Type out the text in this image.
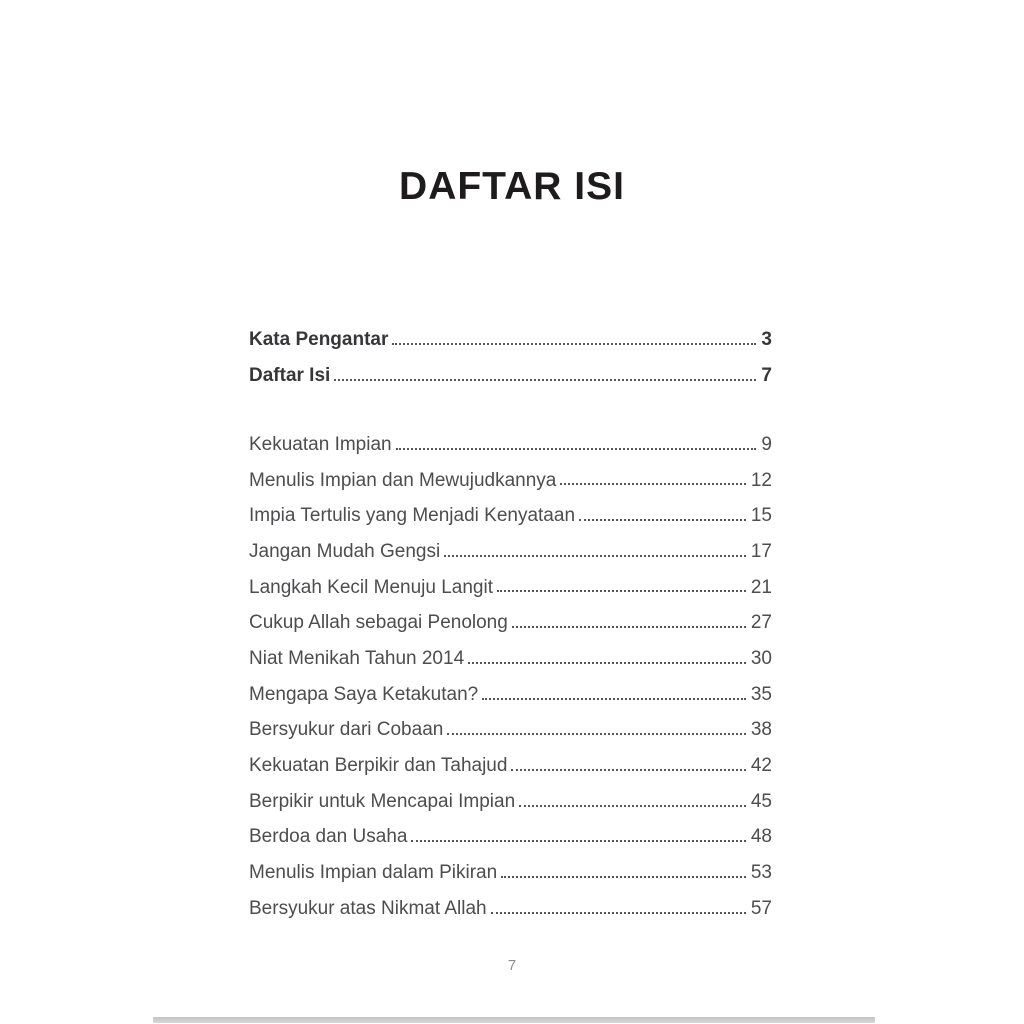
DAFTAR ISI
Kata Pengantar	3
Daftar Isi	7
Kekuatan Impian	9
Menulis Impian dan Mewujudkannya	12
Impia Tertulis yang Menjadi Kenyataan	15
Jangan Mudah Gengsi	17
Langkah Kecil Menuju Langit	21
Cukup Allah sebagai Penolong	27
Niat Menikah Tahun 2014	30
Mengapa Saya Ketakutan?	35
Bersyukur dari Cobaan	38
Kekuatan Berpikir dan Tahajud	42
Berpikir untuk Mencapai Impian	45
Berdoa dan Usaha	48
Menulis Impian dalam Pikiran	53
Bersyukur atas Nikmat Allah	57
7
